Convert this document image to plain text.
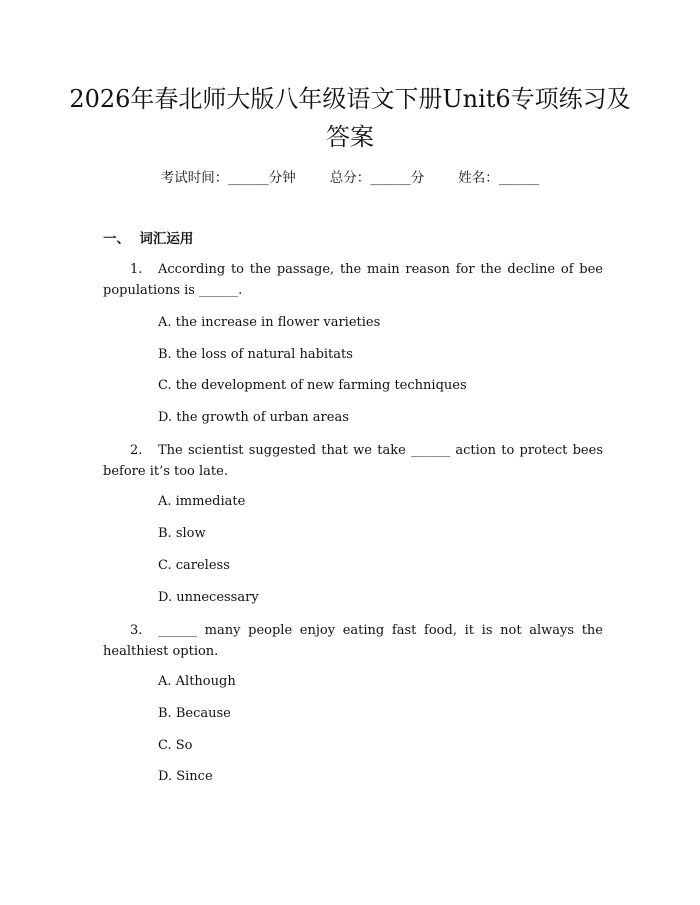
2026年春北师大版八年级语文下册Unit6专项练习及答案
考试时间：______分钟	总分：______分	姓名：______
一、  词汇运用
1. According to the passage, the main reason for the decline of bee populations is ______.
A. the increase in flower varieties
B. the loss of natural habitats
C. the development of new farming techniques
D. the growth of urban areas
2. The scientist suggested that we take ______ action to protect bees before it’s too late.
A. immediate
B. slow
C. careless
D. unnecessary
3. ______ many people enjoy eating fast food, it is not always the healthiest option.
A. Although
B. Because
C. So
D. Since
